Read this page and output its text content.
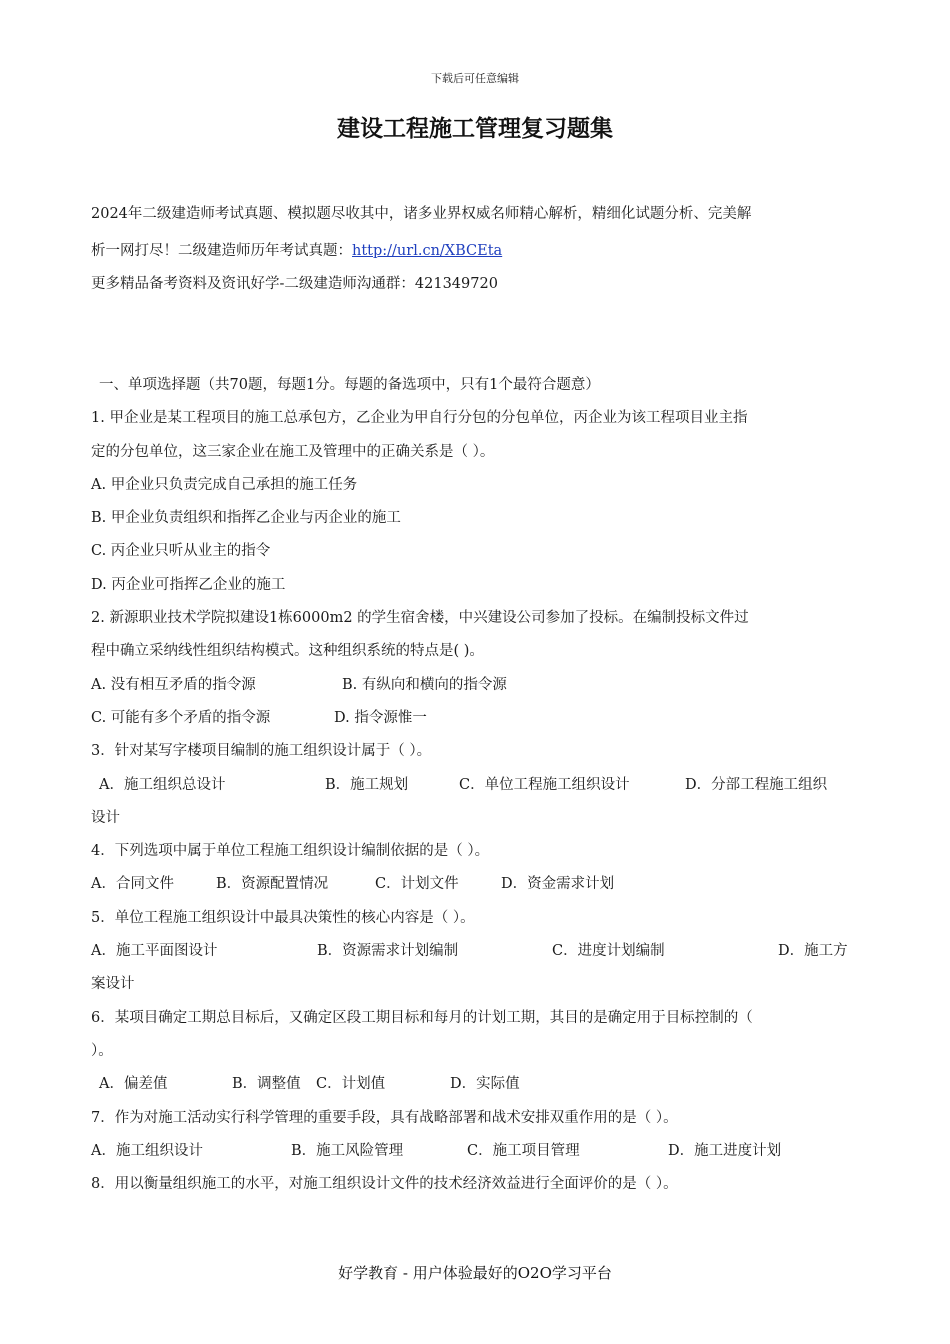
下载后可任意编辑
建设工程施工管理复习题集
2024年二级建造师考试真题、模拟题尽收其中，诸多业界权威名师精心解析，精细化试题分析、完美解
析一网打尽！二级建造师历年考试真题：http://url.cn/XBCEta
更多精品备考资料及资讯好学-二级建造师沟通群：421349720
一、单项选择题（共70题，每题1分。每题的备选项中，只有1个最符合题意）
1. 甲企业是某工程项目的施工总承包方，乙企业为甲自行分包的分包单位，丙企业为该工程项目业主指
定的分包单位，这三家企业在施工及管理中的正确关系是（ ）。
A. 甲企业只负责完成自己承担的施工任务
B. 甲企业负责组织和指挥乙企业与丙企业的施工
C. 丙企业只听从业主的指令
D. 丙企业可指挥乙企业的施工
2. 新源职业技术学院拟建设1栋6000m2 的学生宿舍楼，中兴建设公司参加了投标。在编制投标文件过
程中确立采纳线性组织结构模式。这种组织系统的特点是( )。
A. 没有相互矛盾的指令源	B. 有纵向和横向的指令源
C. 可能有多个矛盾的指令源	D. 指令源惟一
3．针对某写字楼项目编制的施工组织设计属于（ ）。
A．施工组织总设计	B．施工规划	C．单位工程施工组织设计	D．分部工程施工组织
设计
4．下列选项中属于单位工程施工组织设计编制依据的是（ ）。
A．合同文件	B．资源配置情况	C．计划文件	D．资金需求计划
5．单位工程施工组织设计中最具决策性的核心内容是（ ）。
A．施工平面图设计	B．资源需求计划编制	C．进度计划编制	D．施工方
案设计
6．某项目确定工期总目标后，又确定区段工期目标和每月的计划工期，其目的是确定用于目标控制的（
）。
A．偏差值	B．调整值	C．计划值	D．实际值
7．作为对施工活动实行科学管理的重要手段，具有战略部署和战术安排双重作用的是（ ）。
A．施工组织设计	B．施工风险管理	C．施工项目管理	D．施工进度计划
8．用以衡量组织施工的水平，对施工组织设计文件的技术经济效益进行全面评价的是（ ）。
好学教育 - 用户体验最好的O2O学习平台
